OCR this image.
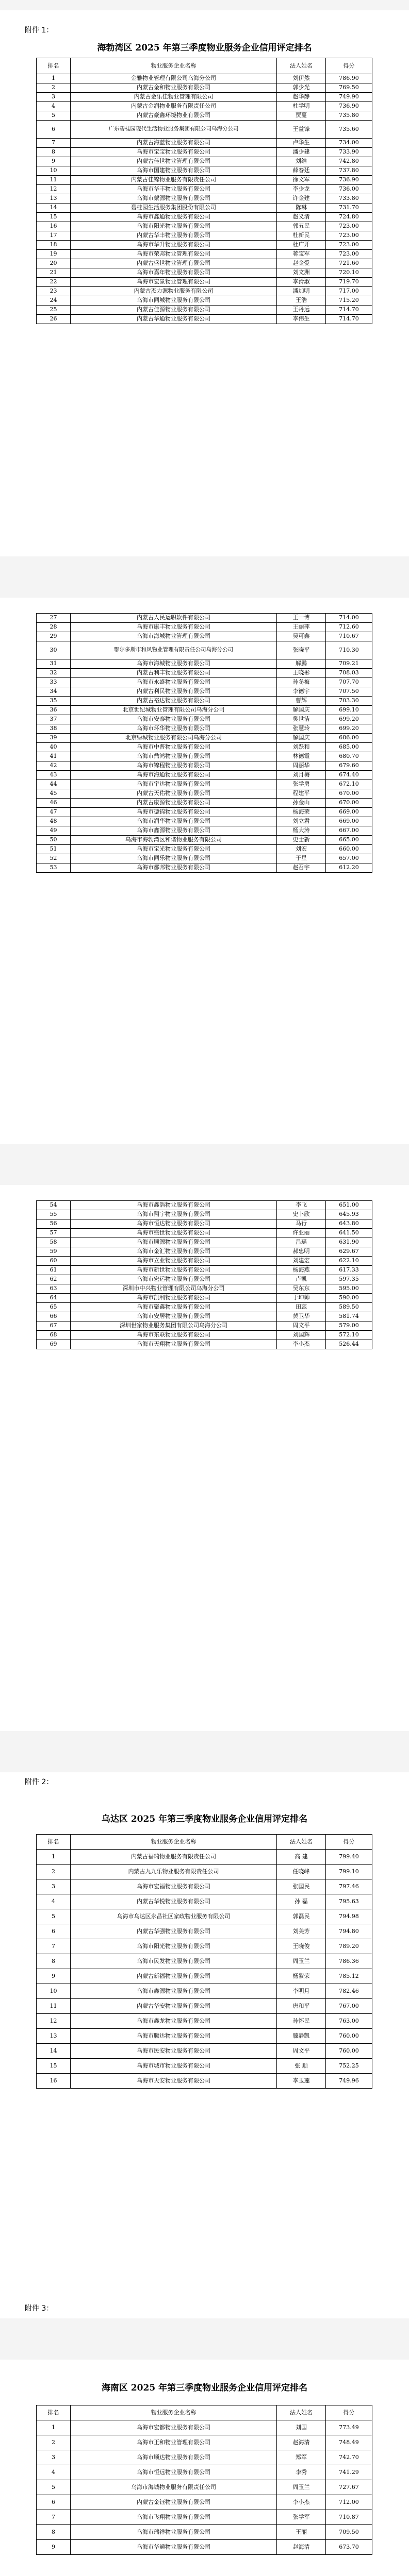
附件 1：
海勃湾区 2025 年第三季度物业服务企业信用评定排名
排名	物业服务企业名称	法人姓名	得分
1	金雅物业管理有限公司乌海分公司	刘伊然	786.90
2	内蒙古金和物业服务有限公司	郭少光	769.50
3	内蒙古金乐佳物业管理有限公司	赵华静	749.90
4	内蒙古金润物业服务有限责任公司	杜学明	736.90
5	内蒙古豪鑫环境物业有限公司	贾蔓	735.80
6	广东碧桂园现代生活物业服务集团有限公司乌海分公司	王益锋	735.60
7	内蒙古海蓝物业服务有限公司	卢华生	734.00
8	乌海市宝宝物业服务有限公司	潘少建	733.90
9	内蒙古佳世物业管理有限公司	刘维	742.80
10	乌海市国建物业服务有限公司	薛春廷	737.80
11	内蒙古佳锦物业服务有限责任公司	徐文军	736.90
12	乌海市华丰物业服务有限公司	李少龙	736.00
13	乌海市蒙源物业服务有限公司	许金建	733.80
14	碧桂园生活服务集团股份有限公司	陈琳	731.70
15	乌海市鑫通物业服务有限公司	赵义清	724.80
16	乌海市阳光物业服务有限公司	郭五民	723.00
17	内蒙古华丰物业服务有限公司	杜新民	723.00
18	乌海市华升物业服务有限公司	杜广开	723.00
19	乌海市荣邦物业管理有限公司	蒋宝军	723.00
20	内蒙古盛世物业管理有限公司	赵金爱	721.60
21	乌海市嘉年物业服务有限公司	刘文洲	720.10
22	乌海市宏景物业管理有限公司	李滑淑	719.70
23	内蒙古杰力源物业服务有限公司	潘加明	717.00
24	乌海市同城物业服务有限公司	王浩	715.20
25	内蒙古佳源物业服务有限公司	王丹远	714.70
26	内蒙古华通物业服务有限公司	李伟生	714.70
27	内蒙古人民运职软件有限公司	王一博	714.00
28	乌海市康丰物业服务有限公司	王丽萍	712.60
29	乌海市海城物业管理有限公司	吴可鑫	710.67
30	鄂尔多斯市和风物业管理有限责任公司乌海分公司	张晓平	710.30
31	乌海市海城物业服务有限公司	解鹏	709.21
32	内蒙古利丰物业服务有限公司	王晓彬	708.03
33	乌海市永盛物业服务有限公司	孙冬梅	707.70
34	内蒙古利民物业服务有限公司	李德宇	707.50
35	内蒙古裕达物业服务有限公司	曹辉	703.30
36	北京世纪城物业管理有限公司乌海分公司	解国庆	699.10
37	乌海市安泰物业服务有限公司	樊世洁	699.20
38	乌海市环华物业服务有限公司	张慧玲	699.20
39	北京绿城物业服务有限公司乌海分公司	解国庆	686.00
40	乌海市中普物业服务有限公司	刘跃和	685.00
41	乌海市鼎鸿物业服务有限公司	林德霞	680.70
42	乌海市锦程物业服务有限公司	周丽华	679.60
43	乌海市海通物业服务有限公司	刘月梅	674.40
44	乌海市宇达物业服务有限公司	张学勇	672.10
45	内蒙古天佑物业服务有限公司	程建平	670.00
46	内蒙古康源物业服务有限公司	孙金山	670.00
47	乌海市德锦物业服务有限公司	杨海荣	669.00
48	乌海市润华物业服务有限公司	刘立君	669.00
49	乌海市鑫源物业服务有限公司	杨大涛	667.00
50	乌海市海勃湾区和谐物业服务有限公司	史士新	665.00
51	乌海市宝光物业服务有限公司	刘宏	660.00
52	乌海市同乐物业服务有限公司	于星	657.00
53	乌海市都邦物业服务有限公司	赵召宇	612.20
54	乌海市鑫浩物业服务有限公司	李飞	651.00
55	乌海市翔宇物业服务有限公司	史卜欣	645.93
56	乌海市恒达物业服务有限公司	马行	643.80
57	乌海市盛世物业服务有限公司	许亚丽	641.50
58	乌海市顺源物业服务有限公司	吕瑶	631.90
59	乌海市金汇物业服务有限公司	郝忠明	629.67
60	乌海市立业物业服务有限公司	刘建宏	622.10
61	乌海市新世物业服务有限公司	杨海燕	617.33
62	乌海市宏运物业服务有限公司	卢凯	597.35
63	深圳市中兴物业管理有限公司乌海分公司	吴东东	595.00
64	乌海市凯利物业服务有限公司	于坤帅	590.00
65	乌海市聚鑫物业服务有限公司	田蕊	589.50
66	乌海市安居物业服务有限公司	黄卫华	581.74
67	深圳世家物业服务集团有限公司乌海分公司	周文平	579.00
68	乌海市东联物业服务有限公司	刘国辉	572.10
69	乌海市天翔物业服务有限公司	李小杰	526.44
附件 2：
乌达区 2025 年第三季度物业服务企业信用评定排名
排名	物业服务企业名称	法人姓名	得分
1	内蒙古福瑞物业服务有限责任公司	高 建	799.40
2	内蒙古九九乐物业服务有限责任公司	任晓峰	799.10
3	乌海市宏福物业服务有限公司	张国民	797.46
4	内蒙古华悦物业服务有限公司	孙 磊	795.63
5	乌海市乌达区永昌社区家政物业服务有限公司	郭磊民	794.98
6	内蒙古华强物业服务有限公司	刘美芳	794.80
7	乌海市阳光物业服务有限公司	王晓俊	789.20
8	乌海市民发物业服务有限公司	周玉兰	786.36
9	内蒙古新福物业服务有限公司	杨紫荣	785.12
10	乌海市鑫源物业服务有限公司	李明月	782.46
11	内蒙古华安物业服务有限公司	唐和平	767.00
12	乌海市鑫龙物业服务有限公司	孙怀民	763.00
13	乌海市腾达物业服务有限公司	滕静凯	760.00
14	乌海市民安物业服务有限公司	周文平	760.00
15	乌海市城市物业服务有限公司	张 顺	752.25
16	乌海市天安物业服务有限公司	李玉莲	749.96
附件 3：
海南区 2025 年第三季度物业服务企业信用评定排名
排名	物业服务企业名称	法人姓名	得分
1	乌海市宏都物业服务有限公司	刘国	773.49
2	乌海市正和物业管理有限公司	赵海清	748.49
3	乌海市顺达物业服务有限公司	郑军	742.70
4	乌海市恒远物业服务有限公司	李秀	741.29
5	乌海市海城物业服务有限责任公司	周玉兰	727.67
6	内蒙古金钰物业服务有限公司	李小杰	712.00
7	乌海市飞翔物业服务有限公司	张学军	710.87
8	乌海市瑞祥物业服务有限公司	王丽	709.50
9	乌海市华通物业服务有限公司	赵海清	673.70
